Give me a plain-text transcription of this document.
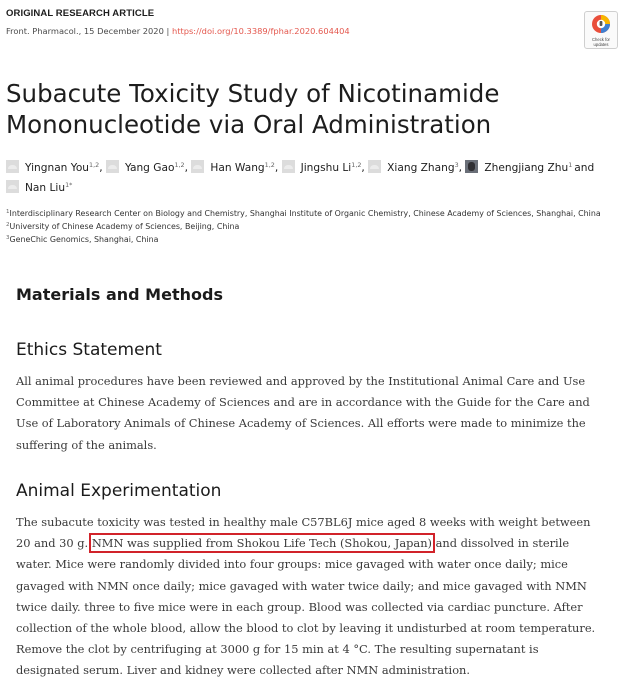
ORIGINAL RESEARCH ARTICLE
Front. Pharmacol., 15 December 2020 | https://doi.org/10.3389/fphar.2020.604404
Check for
updates
Subacute Toxicity Study of Nicotinamide Mononucleotide via Oral Administration
Yingnan You$^{1,2}$, Yang Gao$^{1,2}$, Han Wang$^{1,2}$, Jingshu Li$^{1,2}$, Xiang Zhang$^3$, Zhengjiang Zhu$^1$ and
Nan Liu$^{1*}$
$^1$Interdisciplinary Research Center on Biology and Chemistry, Shanghai Institute of Organic Chemistry, Chinese Academy of Sciences, Shanghai, China
$^2$University of Chinese Academy of Sciences, Beijing, China
$^3$GeneChic Genomics, Shanghai, China
Materials and Methods
Ethics Statement
All animal procedures have been reviewed and approved by the Institutional Animal Care and Use
Committee at Chinese Academy of Sciences and are in accordance with the Guide for the Care and
Use of Laboratory Animals of Chinese Academy of Sciences. All efforts were made to minimize the
suffering of the animals.
Animal Experimentation
The subacute toxicity was tested in healthy male C57BL6J mice aged 8 weeks with weight between
20 and 30 g. NMN was supplied from Shokou Life Tech (Shokou, Japan) and dissolved in sterile
water. Mice were randomly divided into four groups: mice gavaged with water once daily; mice
gavaged with NMN once daily; mice gavaged with water twice daily; and mice gavaged with NMN
twice daily. three to five mice were in each group. Blood was collected via cardiac puncture. After
collection of the whole blood, allow the blood to clot by leaving it undisturbed at room temperature.
Remove the clot by centrifuging at 3000 g for 15 min at 4 °C. The resulting supernatant is
designated serum. Liver and kidney were collected after NMN administration.
